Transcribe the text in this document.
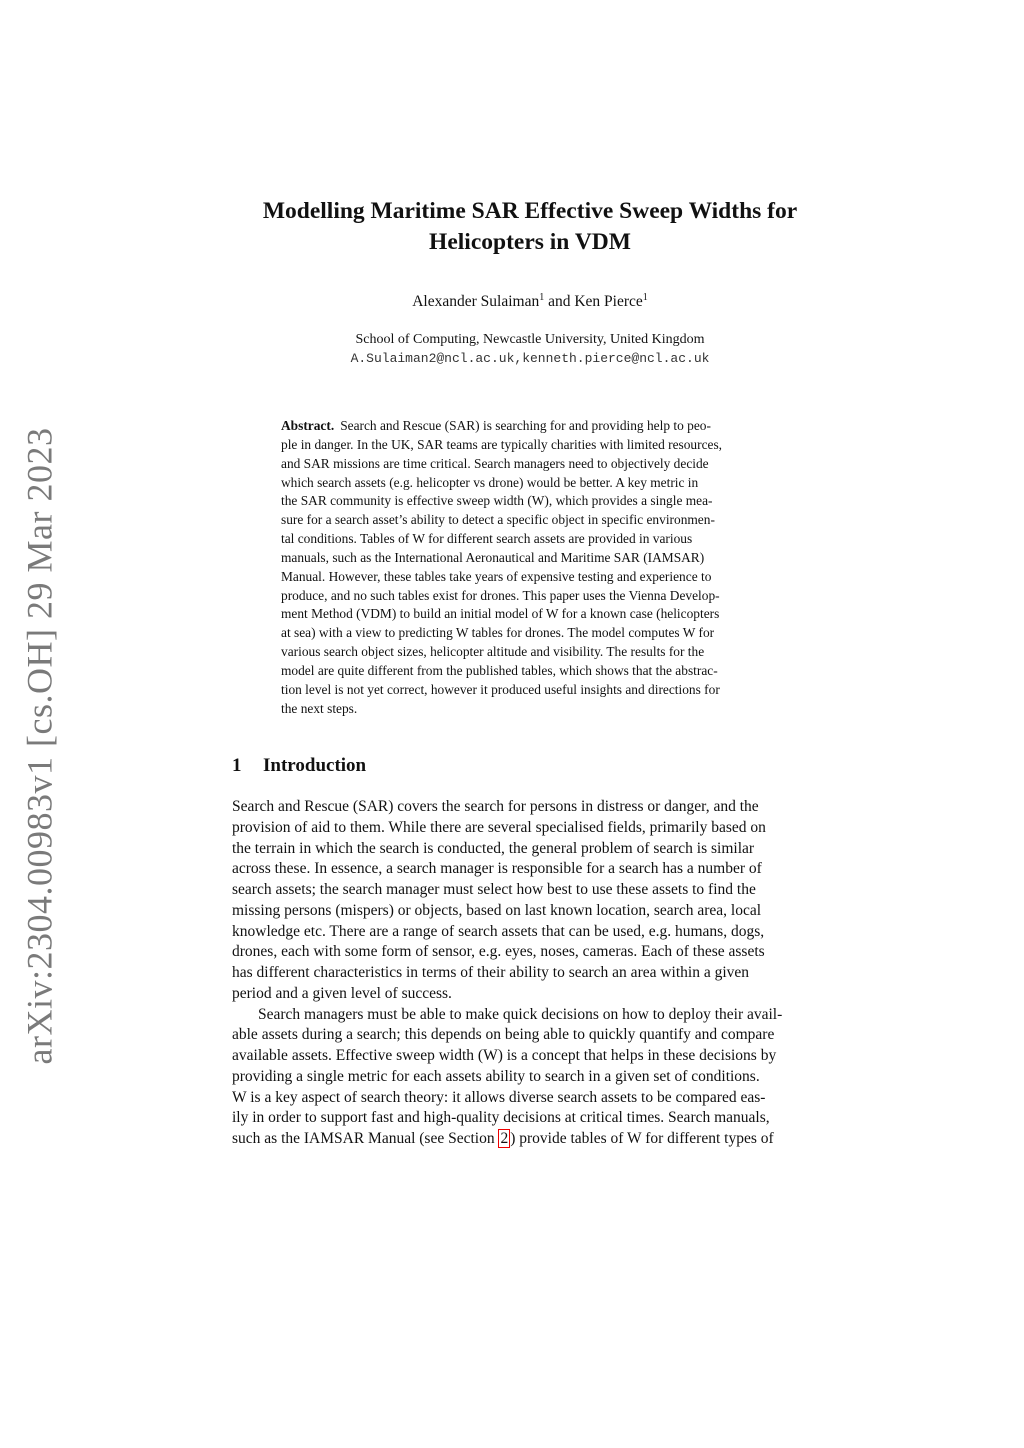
arXiv:2304.00983v1 [cs.OH] 29 Mar 2023
Modelling Maritime SAR Effective Sweep Widths for
Helicopters in VDM
Alexander Sulaiman$^1$ and Ken Pierce$^1$
School of Computing, Newcastle University, United Kingdom
A.Sulaiman2@ncl.ac.uk,kenneth.pierce@ncl.ac.uk
Abstract. Search and Rescue (SAR) is searching for and providing help to peo-
ple in danger. In the UK, SAR teams are typically charities with limited resources,
and SAR missions are time critical. Search managers need to objectively decide
which search assets (e.g. helicopter vs drone) would be better. A key metric in
the SAR community is effective sweep width (W), which provides a single mea-
sure for a search asset’s ability to detect a specific object in specific environmen-
tal conditions. Tables of W for different search assets are provided in various
manuals, such as the International Aeronautical and Maritime SAR (IAMSAR)
Manual. However, these tables take years of expensive testing and experience to
produce, and no such tables exist for drones. This paper uses the Vienna Develop-
ment Method (VDM) to build an initial model of W for a known case (helicopters
at sea) with a view to predicting W tables for drones. The model computes W for
various search object sizes, helicopter altitude and visibility. The results for the
model are quite different from the published tables, which shows that the abstrac-
tion level is not yet correct, however it produced useful insights and directions for
the next steps.
1 Introduction
Search and Rescue (SAR) covers the search for persons in distress or danger, and the
provision of aid to them. While there are several specialised fields, primarily based on
the terrain in which the search is conducted, the general problem of search is similar
across these. In essence, a search manager is responsible for a search has a number of
search assets; the search manager must select how best to use these assets to find the
missing persons (mispers) or objects, based on last known location, search area, local
knowledge etc. There are a range of search assets that can be used, e.g. humans, dogs,
drones, each with some form of sensor, e.g. eyes, noses, cameras. Each of these assets
has different characteristics in terms of their ability to search an area within a given
period and a given level of success.
Search managers must be able to make quick decisions on how to deploy their avail-
able assets during a search; this depends on being able to quickly quantify and compare
available assets. Effective sweep width (W) is a concept that helps in these decisions by
providing a single metric for each assets ability to search in a given set of conditions.
W is a key aspect of search theory: it allows diverse search assets to be compared eas-
ily in order to support fast and high-quality decisions at critical times. Search manuals,
such as the IAMSAR Manual (see Section 2 ) provide tables of W for different types of
